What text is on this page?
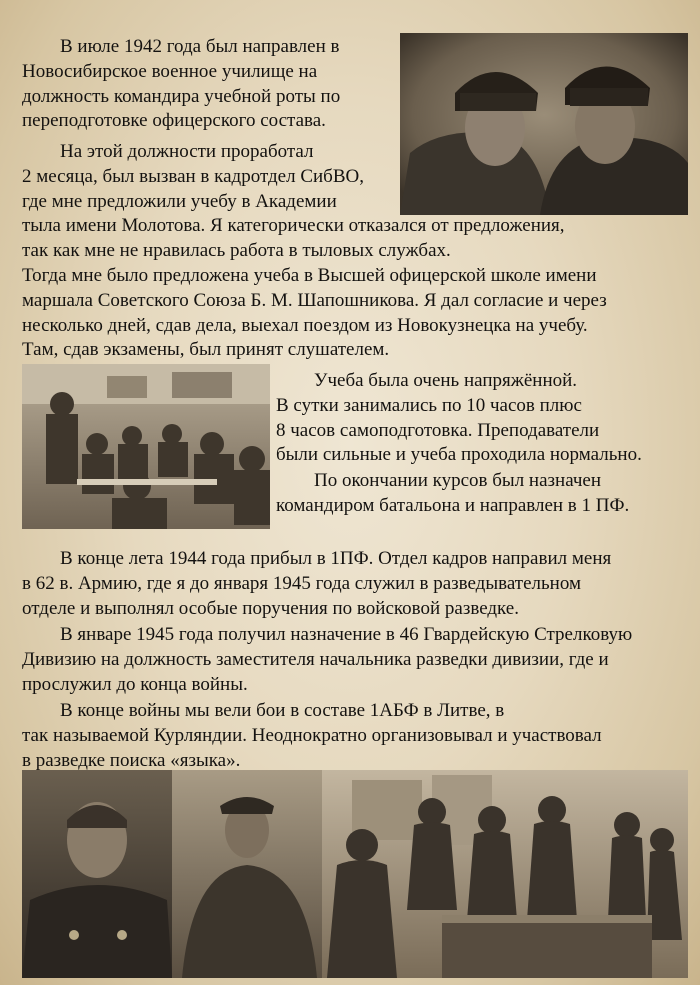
В июле 1942 года был направлен в
Новосибирское военное училище на
должность командира учебной роты по
переподготовке офицерского состава.

На этой должности проработал
2 месяца, был вызван в кадротдел СибВО,
где мне предложили учебу в Академии
тыла имени Молотова. Я категорически отказался от предложения,
так как мне не нравилась работа в тыловых службах.
Тогда мне было предложена учеба в Высшей офицерской школе имени
маршала Советского Союза Б. М. Шапошникова. Я дал согласие и через
несколько дней, сдав дела, выехал поездом из Новокузнецка на учебу.
Там, сдав экзамены, был принят слушателем.

Учеба была очень напряжённой.
В сутки занимались по 10 часов плюс
8 часов самоподготовка. Преподаватели
были сильные и учеба проходила нормально.

По окончании курсов был назначен
командиром батальона и направлен в 1 ПФ.

В конце лета 1944 года прибыл в 1ПФ. Отдел кадров направил меня
в 62 в. Армию, где я до января 1945 года служил в разведывательном
отделе и выполнял особые поручения по войсковой разведке.

В январе 1945 года получил назначение в 46 Гвардейскую Стрелковую
Дивизию на должность заместителя начальника разведки дивизии, где и
прослужил до конца войны.

В конце войны мы вели бои в составе 1АБФ в Литве, в
так называемой Курляндии. Неоднократно организовывал и участвовал
в разведке поиска «языка».
